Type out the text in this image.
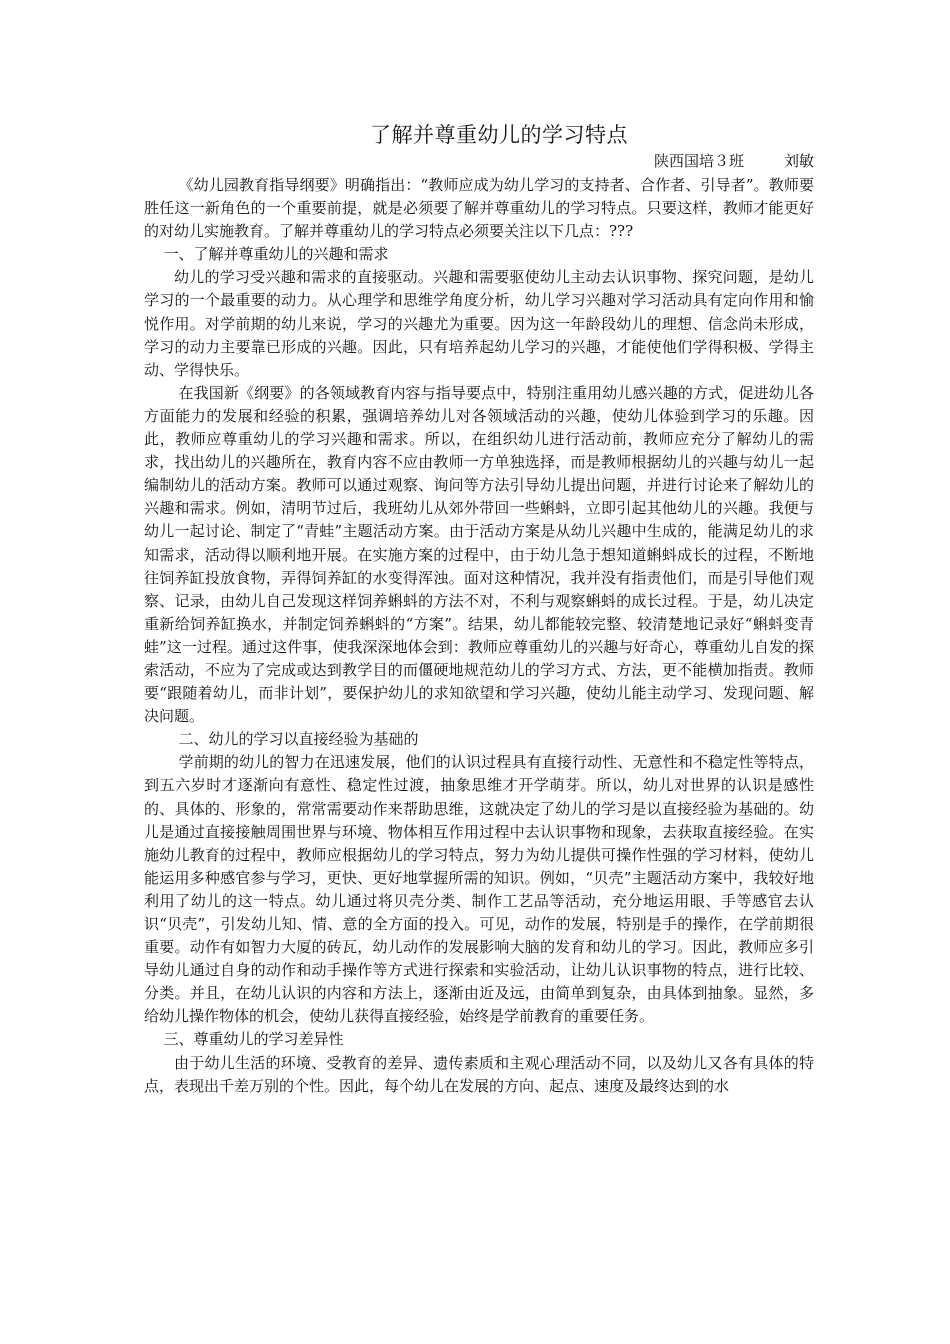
了解并尊重幼儿的学习特点
陕西国培３班	刘敏

《幼儿园教育指导纲要》明确指出：“教师应成为幼儿学习的支持者、合作者、引导者”。教师要胜任这一新角色的一个重要前提，就是必须要了解并尊重幼儿的学习特点。只要这样，教师才能更好的对幼儿实施教育。了解并尊重幼儿的学习特点必须要关注以下几点：???

一、了解并尊重幼儿的兴趣和需求

幼儿的学习受兴趣和需求的直接驱动。兴趣和需要驱使幼儿主动去认识事物、探究问题，是幼儿学习的一个最重要的动力。从心理学和思维学角度分析，幼儿学习兴趣对学习活动具有定向作用和愉悦作用。对学前期的幼儿来说，学习的兴趣尤为重要。因为这一年龄段幼儿的理想、信念尚未形成，学习的动力主要靠已形成的兴趣。因此，只有培养起幼儿学习的兴趣，才能使他们学得积极、学得主动、学得快乐。

在我国新《纲要》的各领域教育内容与指导要点中，特别注重用幼儿感兴趣的方式，促进幼儿各方面能力的发展和经验的积累，强调培养幼儿对各领域活动的兴趣，使幼儿体验到学习的乐趣。因此，教师应尊重幼儿的学习兴趣和需求。所以，在组织幼儿进行活动前，教师应充分了解幼儿的需求，找出幼儿的兴趣所在，教育内容不应由教师一方单独选择，而是教师根据幼儿的兴趣与幼儿一起编制幼儿的活动方案。教师可以通过观察、询问等方法引导幼儿提出问题，并进行讨论来了解幼儿的兴趣和需求。例如，清明节过后，我班幼儿从郊外带回一些蝌蚪，立即引起其他幼儿的兴趣。我便与幼儿一起讨论、制定了“青蛙”主题活动方案。由于活动方案是从幼儿兴趣中生成的，能满足幼儿的求知需求，活动得以顺利地开展。在实施方案的过程中，由于幼儿急于想知道蝌蚪成长的过程，不断地往饲养缸投放食物，弄得饲养缸的水变得浑浊。面对这种情况，我并没有指责他们，而是引导他们观察、记录，由幼儿自己发现这样饲养蝌蚪的方法不对，不利与观察蝌蚪的成长过程。于是，幼儿决定重新给饲养缸换水，并制定饲养蝌蚪的“方案”。结果，幼儿都能较完整、较清楚地记录好“蝌蚪变青蛙”这一过程。通过这件事，使我深深地体会到：教师应尊重幼儿的兴趣与好奇心，尊重幼儿自发的探索活动，不应为了完成或达到教学目的而僵硬地规范幼儿的学习方式、方法，更不能横加指责。教师要“跟随着幼儿，而非计划”，要保护幼儿的求知欲望和学习兴趣，使幼儿能主动学习、发现问题、解决问题。

二、幼儿的学习以直接经验为基础的

学前期的幼儿的智力在迅速发展，他们的认识过程具有直接行动性、无意性和不稳定性等特点，到五六岁时才逐渐向有意性、稳定性过渡，抽象思维才开学萌芽。所以，幼儿对世界的认识是感性的、具体的、形象的，常常需要动作来帮助思维，这就决定了幼儿的学习是以直接经验为基础的。幼儿是通过直接接触周围世界与环境、物体相互作用过程中去认识事物和现象，去获取直接经验。在实施幼儿教育的过程中，教师应根据幼儿的学习特点，努力为幼儿提供可操作性强的学习材料，使幼儿能运用多种感官参与学习，更快、更好地掌握所需的知识。例如，“贝壳”主题活动方案中，我较好地利用了幼儿的这一特点。幼儿通过将贝壳分类、制作工艺品等活动，充分地运用眼、手等感官去认识“贝壳”，引发幼儿知、情、意的全方面的投入。可见，动作的发展，特别是手的操作，在学前期很重要。动作有如智力大厦的砖瓦，幼儿动作的发展影响大脑的发育和幼儿的学习。因此，教师应多引导幼儿通过自身的动作和动手操作等方式进行探索和实验活动，让幼儿认识事物的特点，进行比较、分类。并且，在幼儿认识的内容和方法上，逐渐由近及远，由简单到复杂，由具体到抽象。显然，多给幼儿操作物体的机会，使幼儿获得直接经验，始终是学前教育的重要任务。

三、尊重幼儿的学习差异性

由于幼儿生活的环境、受教育的差异、遗传素质和主观心理活动不同，以及幼儿又各有具体的特点，表现出千差万别的个性。因此，每个幼儿在发展的方向、起点、速度及最终达到的水
